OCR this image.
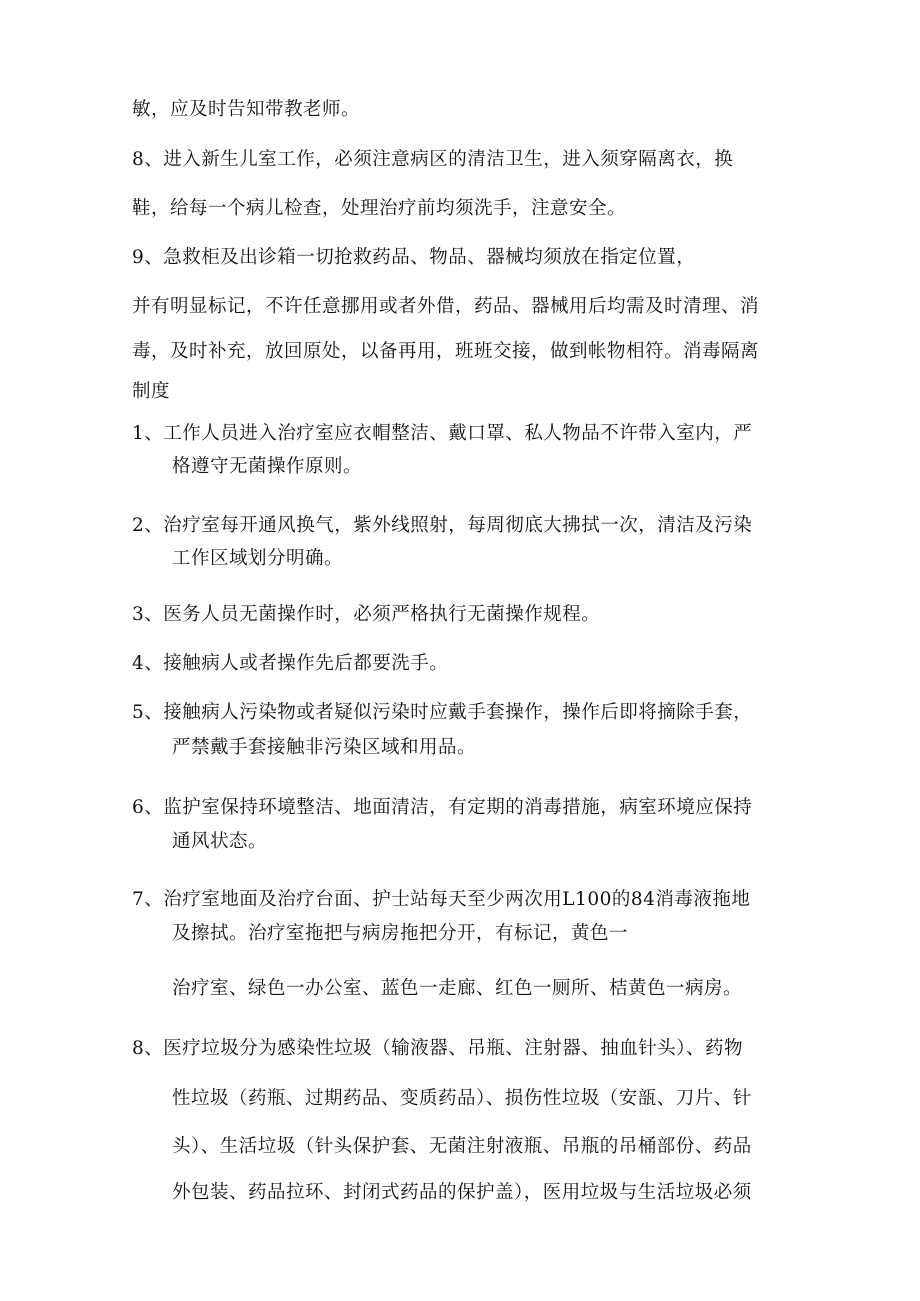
敏，应及时告知带教老师。
8、进入新生儿室工作，必须注意病区的清洁卫生，进入须穿隔离衣，换
鞋，给每一个病儿检查，处理治疗前均须洗手，注意安全。
9、急救柜及出诊箱一切抢救药品、物品、器械均须放在指定位置，
并有明显标记，不许任意挪用或者外借，药品、器械用后均需及时清理、消
毒，及时补充，放回原处，以备再用，班班交接，做到帐物相符。消毒隔离
制度
1、工作人员进入治疗室应衣帽整洁、戴口罩、私人物品不许带入室内，严
格遵守无菌操作原则。
2、治疗室每开通风换气，紫外线照射，每周彻底大拂拭一次，清洁及污染
工作区域划分明确。
3、医务人员无菌操作时，必须严格执行无菌操作规程。
4、接触病人或者操作先后都要洗手。
5、接触病人污染物或者疑似污染时应戴手套操作，操作后即将摘除手套，
严禁戴手套接触非污染区域和用品。
6、监护室保持环境整洁、地面清洁，有定期的消毒措施，病室环境应保持
通风状态。
7、治疗室地面及治疗台面、护士站每天至少两次用L100的84消毒液拖地
及擦拭。治疗室拖把与病房拖把分开，有标记，黄色一
治疗室、绿色一办公室、蓝色一走廊、红色一厕所、桔黄色一病房。
8、医疗垃圾分为感染性垃圾（输液器、吊瓶、注射器、抽血针头）、药物
性垃圾（药瓶、过期药品、变质药品）、损伤性垃圾（安瓿、刀片、针
头）、生活垃圾（针头保护套、无菌注射液瓶、吊瓶的吊桶部份、药品
外包装、药品拉环、封闭式药品的保护盖），医用垃圾与生活垃圾必须
